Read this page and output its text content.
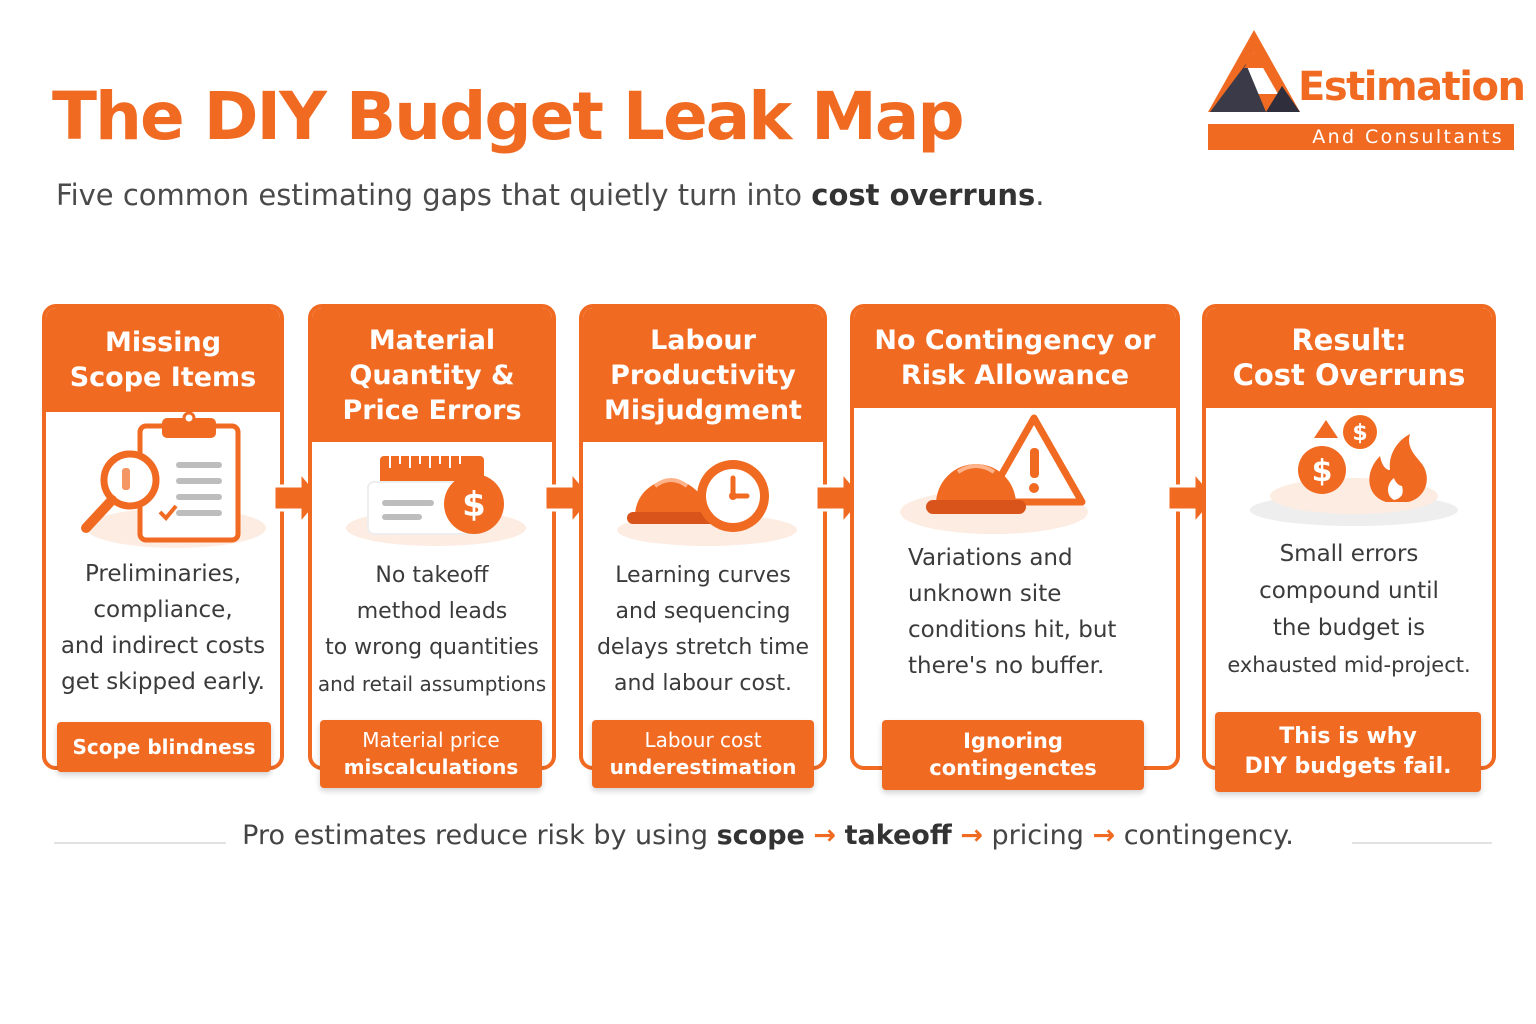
The DIY Budget Leak Map
Five common estimating gaps that quietly turn into cost overruns.
Estimation
And Consultants
Missing
Scope Items
Preliminaries,
compliance,
and indirect costs
get skipped early.
Scope blindness
Material
Quantity &
Price Errors
$
No takeoff
method leads
to wrong quantities
and retail assumptions
Material price
miscalculations
Labour
Productivity
Misjudgment
Learning curves
and sequencing
delays stretch time
and labour cost.
Labour cost
underestimation
No Contingency or
Risk Allowance
Variations and
unknown site
conditions hit, but
there's no buffer.
Ignoring
contingenctes
Result:
Cost Overruns
$
$
Small errors
compound until
the budget is
exhausted mid-project.
This is why
DIY budgets fail.
Pro estimates reduce risk by using scope → takeoff → pricing → contingency.
